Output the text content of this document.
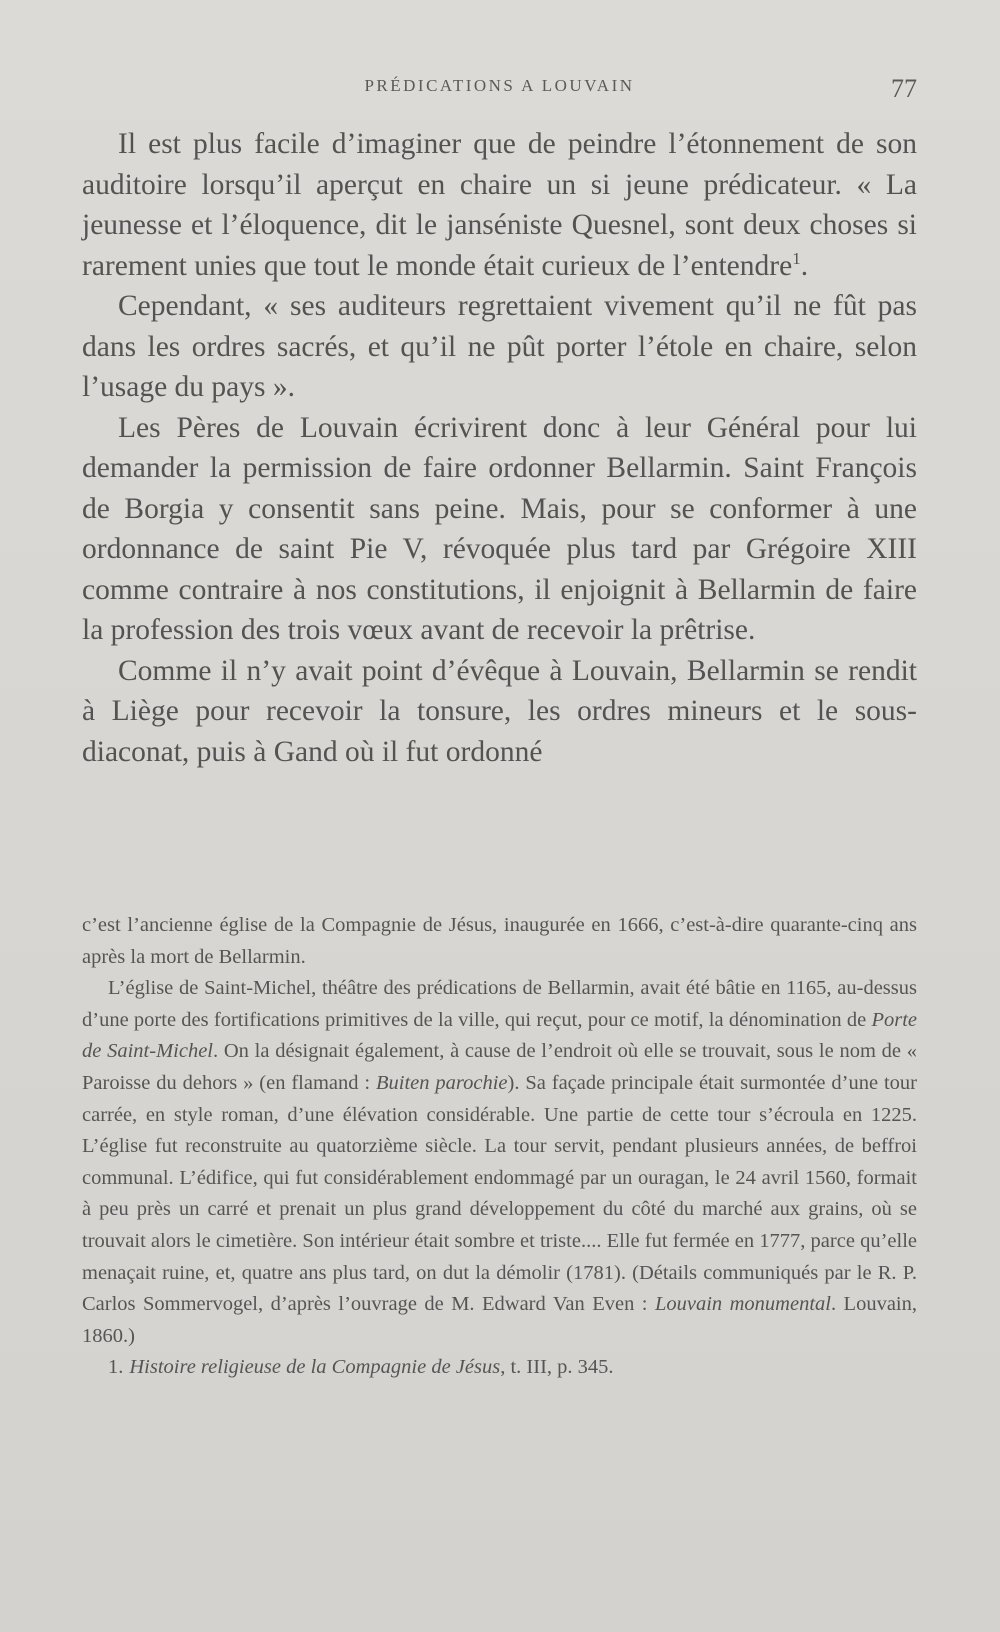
PRÉDICATIONS A LOUVAIN	77

Il est plus facile d’imaginer que de peindre l’étonnement de son auditoire lorsqu’il aperçut en chaire un si jeune prédicateur. « La jeunesse et l’éloquence, dit le janséniste Quesnel, sont deux choses si rarement unies que tout le monde était curieux de l’entendre$^1$.

Cependant, « ses auditeurs regrettaient vivement qu’il ne fût pas dans les ordres sacrés, et qu’il ne pût porter l’étole en chaire, selon l’usage du pays ».

Les Pères de Louvain écrivirent donc à leur Général pour lui demander la permission de faire ordonner Bellarmin. Saint François de Borgia y consentit sans peine. Mais, pour se conformer à une ordonnance de saint Pie V, révoquée plus tard par Grégoire XIII comme contraire à nos constitutions, il enjoignit à Bellarmin de faire la profession des trois vœux avant de recevoir la prêtrise.

Comme il n’y avait point d’évêque à Louvain, Bellarmin se rendit à Liège pour recevoir la tonsure, les ordres mineurs et le sous-diaconat, puis à Gand où il fut ordonné

c’est l’ancienne église de la Compagnie de Jésus, inaugurée en 1666, c’est-à-dire quarante-cinq ans après la mort de Bellarmin.

L’église de Saint-Michel, théâtre des prédications de Bellarmin, avait été bâtie en 1165, au-dessus d’une porte des fortifications primitives de la ville, qui reçut, pour ce motif, la dénomination de Porte de Saint-Michel. On la désignait également, à cause de l’endroit où elle se trouvait, sous le nom de « Paroisse du dehors » (en flamand : Buiten parochie). Sa façade principale était surmontée d’une tour carrée, en style roman, d’une élévation considérable. Une partie de cette tour s’écroula en 1225. L’église fut reconstruite au quatorzième siècle. La tour servit, pendant plusieurs années, de beffroi communal. L’édifice, qui fut considérablement endommagé par un ouragan, le 24 avril 1560, formait à peu près un carré et prenait un plus grand développement du côté du marché aux grains, où se trouvait alors le cimetière. Son intérieur était sombre et triste.... Elle fut fermée en 1777, parce qu’elle menaçait ruine, et, quatre ans plus tard, on dut la démolir (1781). (Détails communiqués par le R. P. Carlos Sommervogel, d’après l’ouvrage de M. Edward Van Even : Louvain monumental. Louvain, 1860.)

1. Histoire religieuse de la Compagnie de Jésus, t. III, p. 345.
